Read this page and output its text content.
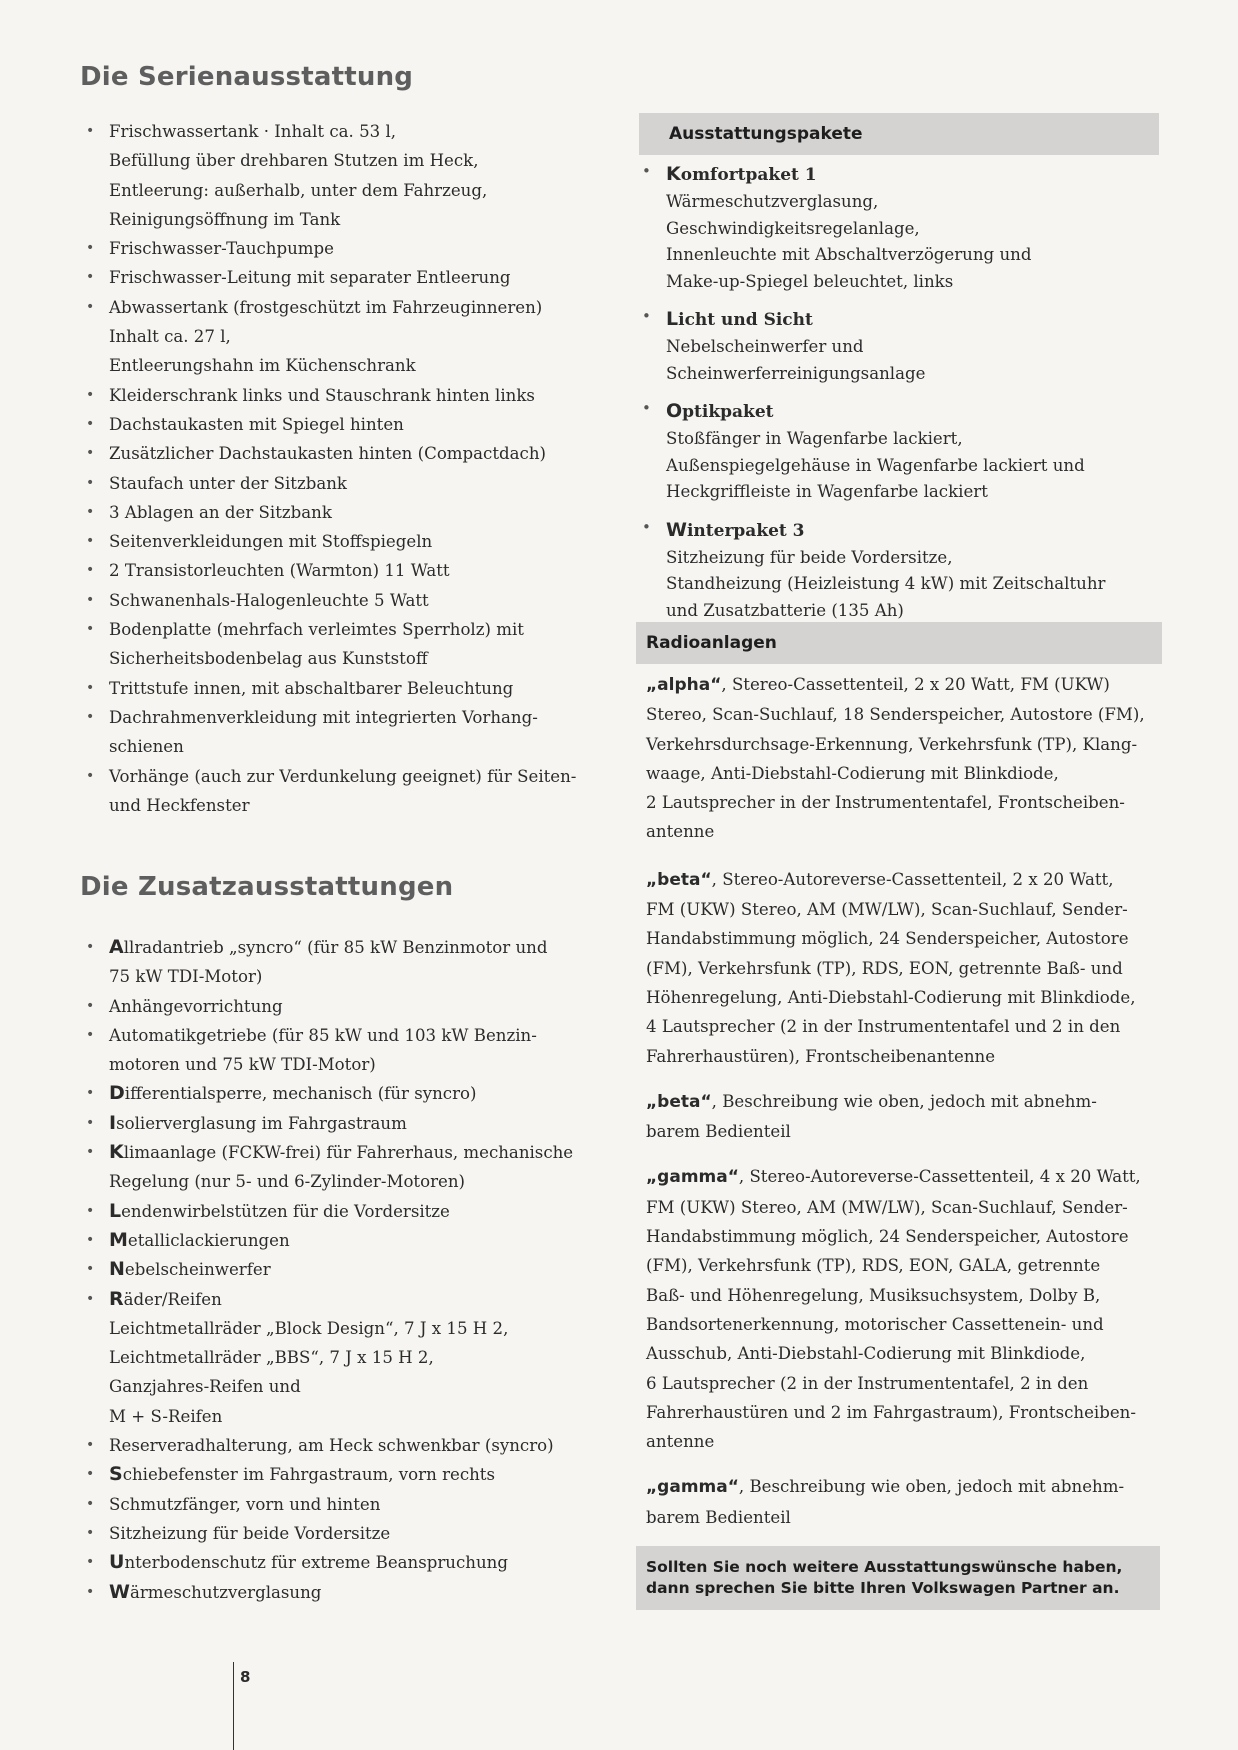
Die Serienausstattung
• Frischwassertank · Inhalt ca. 53 l,
Befüllung über drehbaren Stutzen im Heck,
Entleerung: außerhalb, unter dem Fahrzeug,
Reinigungsöffnung im Tank
• Frischwasser-Tauchpumpe
• Frischwasser-Leitung mit separater Entleerung
• Abwassertank (frostgeschützt im Fahrzeuginneren)
Inhalt ca. 27 l,
Entleerungshahn im Küchenschrank
• Kleiderschrank links und Stauschrank hinten links
• Dachstaukasten mit Spiegel hinten
• Zusätzlicher Dachstaukasten hinten (Compactdach)
• Staufach unter der Sitzbank
• 3 Ablagen an der Sitzbank
• Seitenverkleidungen mit Stoffspiegeln
• 2 Transistorleuchten (Warmton) 11 Watt
• Schwanenhals-Halogenleuchte 5 Watt
• Bodenplatte (mehrfach verleimtes Sperrholz) mit
Sicherheitsbodenbelag aus Kunststoff
• Trittstufe innen, mit abschaltbarer Beleuchtung
• Dachrahmenverkleidung mit integrierten Vorhang-
schienen
• Vorhänge (auch zur Verdunkelung geeignet) für Seiten-
und Heckfenster
Die Zusatzausstattungen
• Allradantrieb „syncro“ (für 85 kW Benzinmotor und
75 kW TDI-Motor)
• Anhängevorrichtung
• Automatikgetriebe (für 85 kW und 103 kW Benzin-
motoren und 75 kW TDI-Motor)
• Differentialsperre, mechanisch (für syncro)
• Isolierverglasung im Fahrgastraum
• Klimaanlage (FCKW-frei) für Fahrerhaus, mechanische
Regelung (nur 5- und 6-Zylinder-Motoren)
• Lendenwirbelstützen für die Vordersitze
• Metalliclackierungen
• Nebelscheinwerfer
• Räder/Reifen
Leichtmetallräder „Block Design“, 7 J x 15 H 2,
Leichtmetallräder „BBS“, 7 J x 15 H 2,
Ganzjahres-Reifen und
M + S-Reifen
• Reserveradhalterung, am Heck schwenkbar (syncro)
• Schiebefenster im Fahrgastraum, vorn rechts
• Schmutzfänger, vorn und hinten
• Sitzheizung für beide Vordersitze
• Unterbodenschutz für extreme Beanspruchung
• Wärmeschutzverglasung
Ausstattungspakete
• Komfortpaket 1
Wärmeschutzverglasung,
Geschwindigkeitsregelanlage,
Innenleuchte mit Abschaltverzögerung und
Make-up-Spiegel beleuchtet, links
• Licht und Sicht
Nebelscheinwerfer und
Scheinwerferreinigungsanlage
• Optikpaket
Stoßfänger in Wagenfarbe lackiert,
Außenspiegelgehäuse in Wagenfarbe lackiert und
Heckgriffleiste in Wagenfarbe lackiert
• Winterpaket 3
Sitzheizung für beide Vordersitze,
Standheizung (Heizleistung 4 kW) mit Zeitschaltuhr
und Zusatzbatterie (135 Ah)
Radioanlagen

„alpha“, Stereo-Cassettenteil, 2 x 20 Watt, FM (UKW)

Stereo, Scan-Suchlauf, 18 Senderspeicher, Autostore (FM),

Verkehrsdurchsage-Erkennung, Verkehrsfunk (TP), Klang-

waage, Anti-Diebstahl-Codierung mit Blinkdiode,

2 Lautsprecher in der Instrumententafel, Frontscheiben-

antenne

„beta“, Stereo-Autoreverse-Cassettenteil, 2 x 20 Watt,

FM (UKW) Stereo, AM (MW/LW), Scan-Suchlauf, Sender-

Handabstimmung möglich, 24 Senderspeicher, Autostore

(FM), Verkehrsfunk (TP), RDS, EON, getrennte Baß- und

Höhenregelung, Anti-Diebstahl-Codierung mit Blinkdiode,

4 Lautsprecher (2 in der Instrumententafel und 2 in den

Fahrerhaustüren), Frontscheibenantenne

„beta“, Beschreibung wie oben, jedoch mit abnehm-

barem Bedienteil

„gamma“, Stereo-Autoreverse-Cassettenteil, 4 x 20 Watt,

FM (UKW) Stereo, AM (MW/LW), Scan-Suchlauf, Sender-

Handabstimmung möglich, 24 Senderspeicher, Autostore

(FM), Verkehrsfunk (TP), RDS, EON, GALA, getrennte

Baß- und Höhenregelung, Musiksuchsystem, Dolby B,

Bandsortenerkennung, motorischer Cassettenein- und

Ausschub, Anti-Diebstahl-Codierung mit Blinkdiode,

6 Lautsprecher (2 in der Instrumententafel, 2 in den

Fahrerhaustüren und 2 im Fahrgastraum), Frontscheiben-

antenne

„gamma“, Beschreibung wie oben, jedoch mit abnehm-

barem Bedienteil

Sollten Sie noch weitere Ausstattungswünsche haben,
dann sprechen Sie bitte Ihren Volkswagen Partner an.
8
